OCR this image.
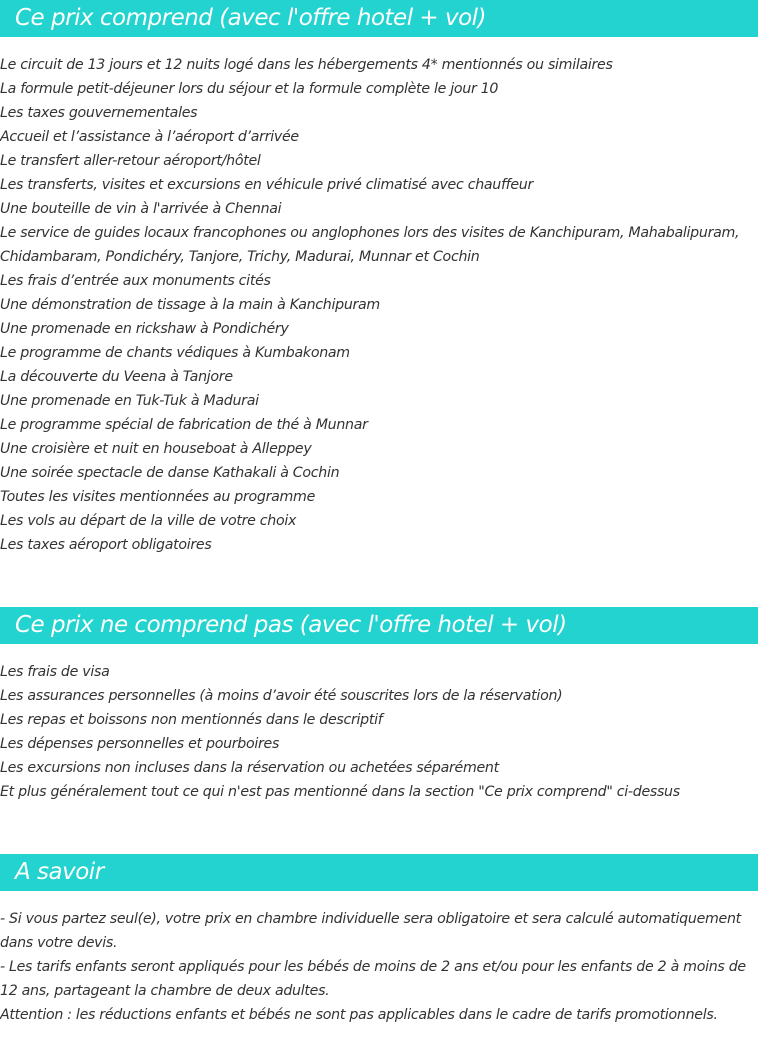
Ce prix comprend (avec l'offre hotel + vol)
Le circuit de 13 jours et 12 nuits logé dans les hébergements 4* mentionnés ou similaires
La formule petit-déjeuner lors du séjour et la formule complète le jour 10
Les taxes gouvernementales
Accueil et l’assistance à l’aéroport d’arrivée
Le transfert aller-retour aéroport/hôtel
Les transferts, visites et excursions en véhicule privé climatisé avec chauffeur
Une bouteille de vin à l'arrivée à Chennai
Le service de guides locaux francophones ou anglophones lors des visites de Kanchipuram, Mahabalipuram, Chidambaram, Pondichéry, Tanjore, Trichy, Madurai, Munnar et Cochin
Les frais d’entrée aux monuments cités
Une démonstration de tissage à la main à Kanchipuram
Une promenade en rickshaw à Pondichéry
Le programme de chants védiques à Kumbakonam
La découverte du Veena à Tanjore
Une promenade en Tuk-Tuk à Madurai
Le programme spécial de fabrication de thé à Munnar
Une croisière et nuit en houseboat à Alleppey
Une soirée spectacle de danse Kathakali à Cochin
Toutes les visites mentionnées au programme
Les vols au départ de la ville de votre choix
Les taxes aéroport obligatoires
Ce prix ne comprend pas (avec l'offre hotel + vol)
Les frais de visa
Les assurances personnelles (à moins d’avoir été souscrites lors de la réservation)
Les repas et boissons non mentionnés dans le descriptif
Les dépenses personnelles et pourboires
Les excursions non incluses dans la réservation ou achetées séparément
Et plus généralement tout ce qui n'est pas mentionné dans la section "Ce prix comprend" ci-dessus
A savoir
- Si vous partez seul(e), votre prix en chambre individuelle sera obligatoire et sera calculé automatiquement dans votre devis.
- Les tarifs enfants seront appliqués pour les bébés de moins de 2 ans et/ou pour les enfants de 2 à moins de 12 ans, partageant la chambre de deux adultes.
Attention : les réductions enfants et bébés ne sont pas applicables dans le cadre de tarifs promotionnels.
